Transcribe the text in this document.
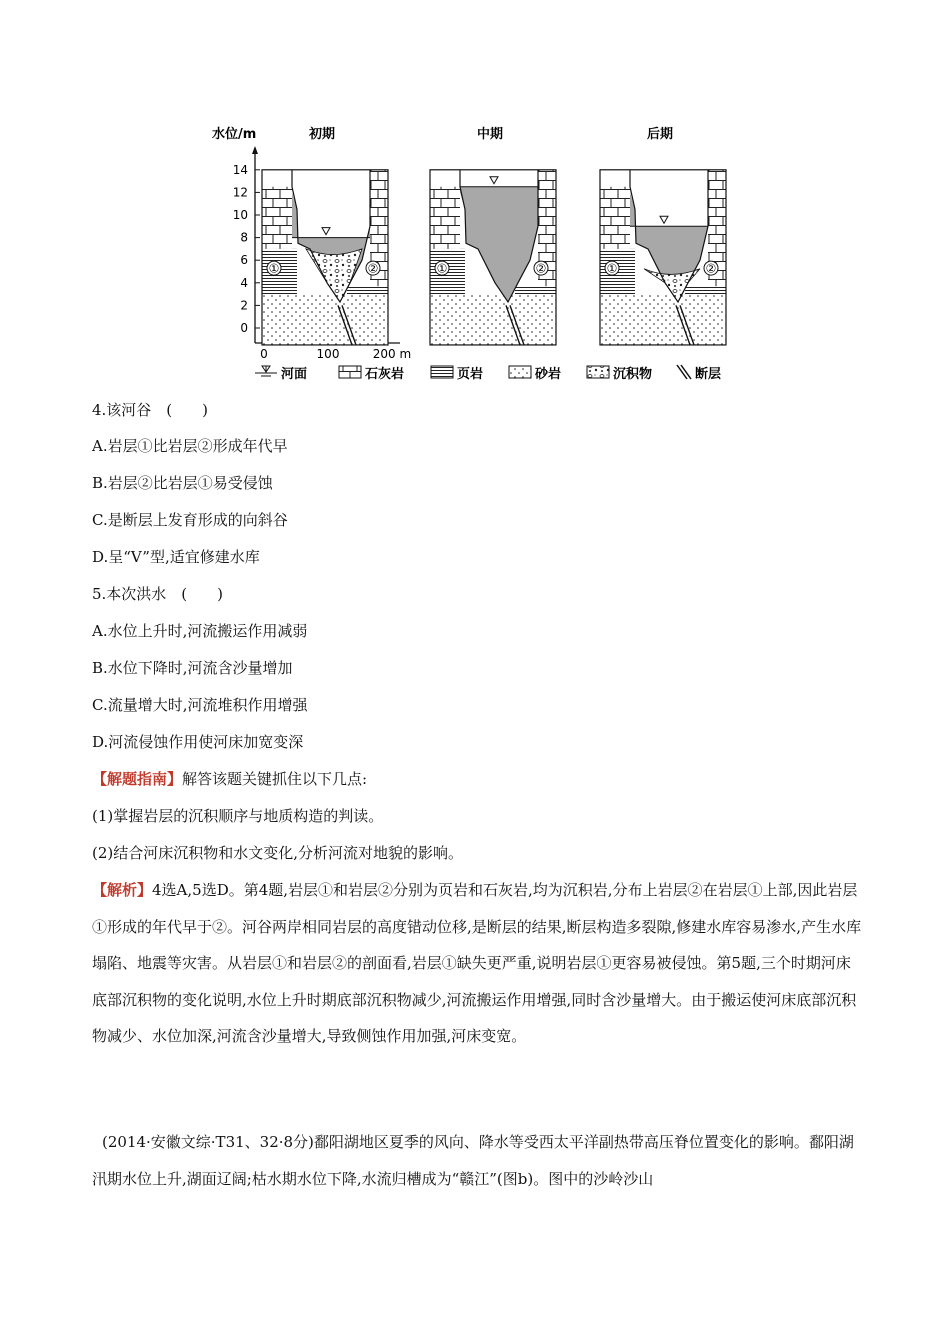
水位/m
14
12
10
8
6
4
2
0
0	100	200 m
初期
①	②
中期
①	②
后期
①	②
河面	石灰岩	页岩	砂岩	沉积物	断层
4.该河谷　(　　)
A.岩层①比岩层②形成年代早
B.岩层②比岩层①易受侵蚀
C.是断层上发育形成的向斜谷
D.呈“V”型,适宜修建水库
5.本次洪水　(　　)
A.水位上升时,河流搬运作用减弱
B.水位下降时,河流含沙量增加
C.流量增大时,河流堆积作用增强
D.河流侵蚀作用使河床加宽变深
【解题指南】解答该题关键抓住以下几点:
(1)掌握岩层的沉积顺序与地质构造的判读。
(2)结合河床沉积物和水文变化,分析河流对地貌的影响。
【解析】4选A,5选D。第4题,岩层①和岩层②分别为页岩和石灰岩,均为沉积岩,分布上岩层②在岩层①上部,因此岩层①形成的年代早于②。河谷两岸相同岩层的高度错动位移,是断层的结果,断层构造多裂隙,修建水库容易渗水,产生水库塌陷、地震等灾害。从岩层①和岩层②的剖面看,岩层①缺失更严重,说明岩层①更容易被侵蚀。第5题,三个时期河床底部沉积物的变化说明,水位上升时期底部沉积物减少,河流搬运作用增强,同时含沙量增大。由于搬运使河床底部沉积物减少、水位加深,河流含沙量增大,导致侧蚀作用加强,河床变宽。
(2014·安徽文综·T31、32·8分)鄱阳湖地区夏季的风向、降水等受西太平洋副热带高压脊位置变化的影响。鄱阳湖汛期水位上升,湖面辽阔;枯水期水位下降,水流归槽成为“赣江”(图b)。图中的沙岭沙山
